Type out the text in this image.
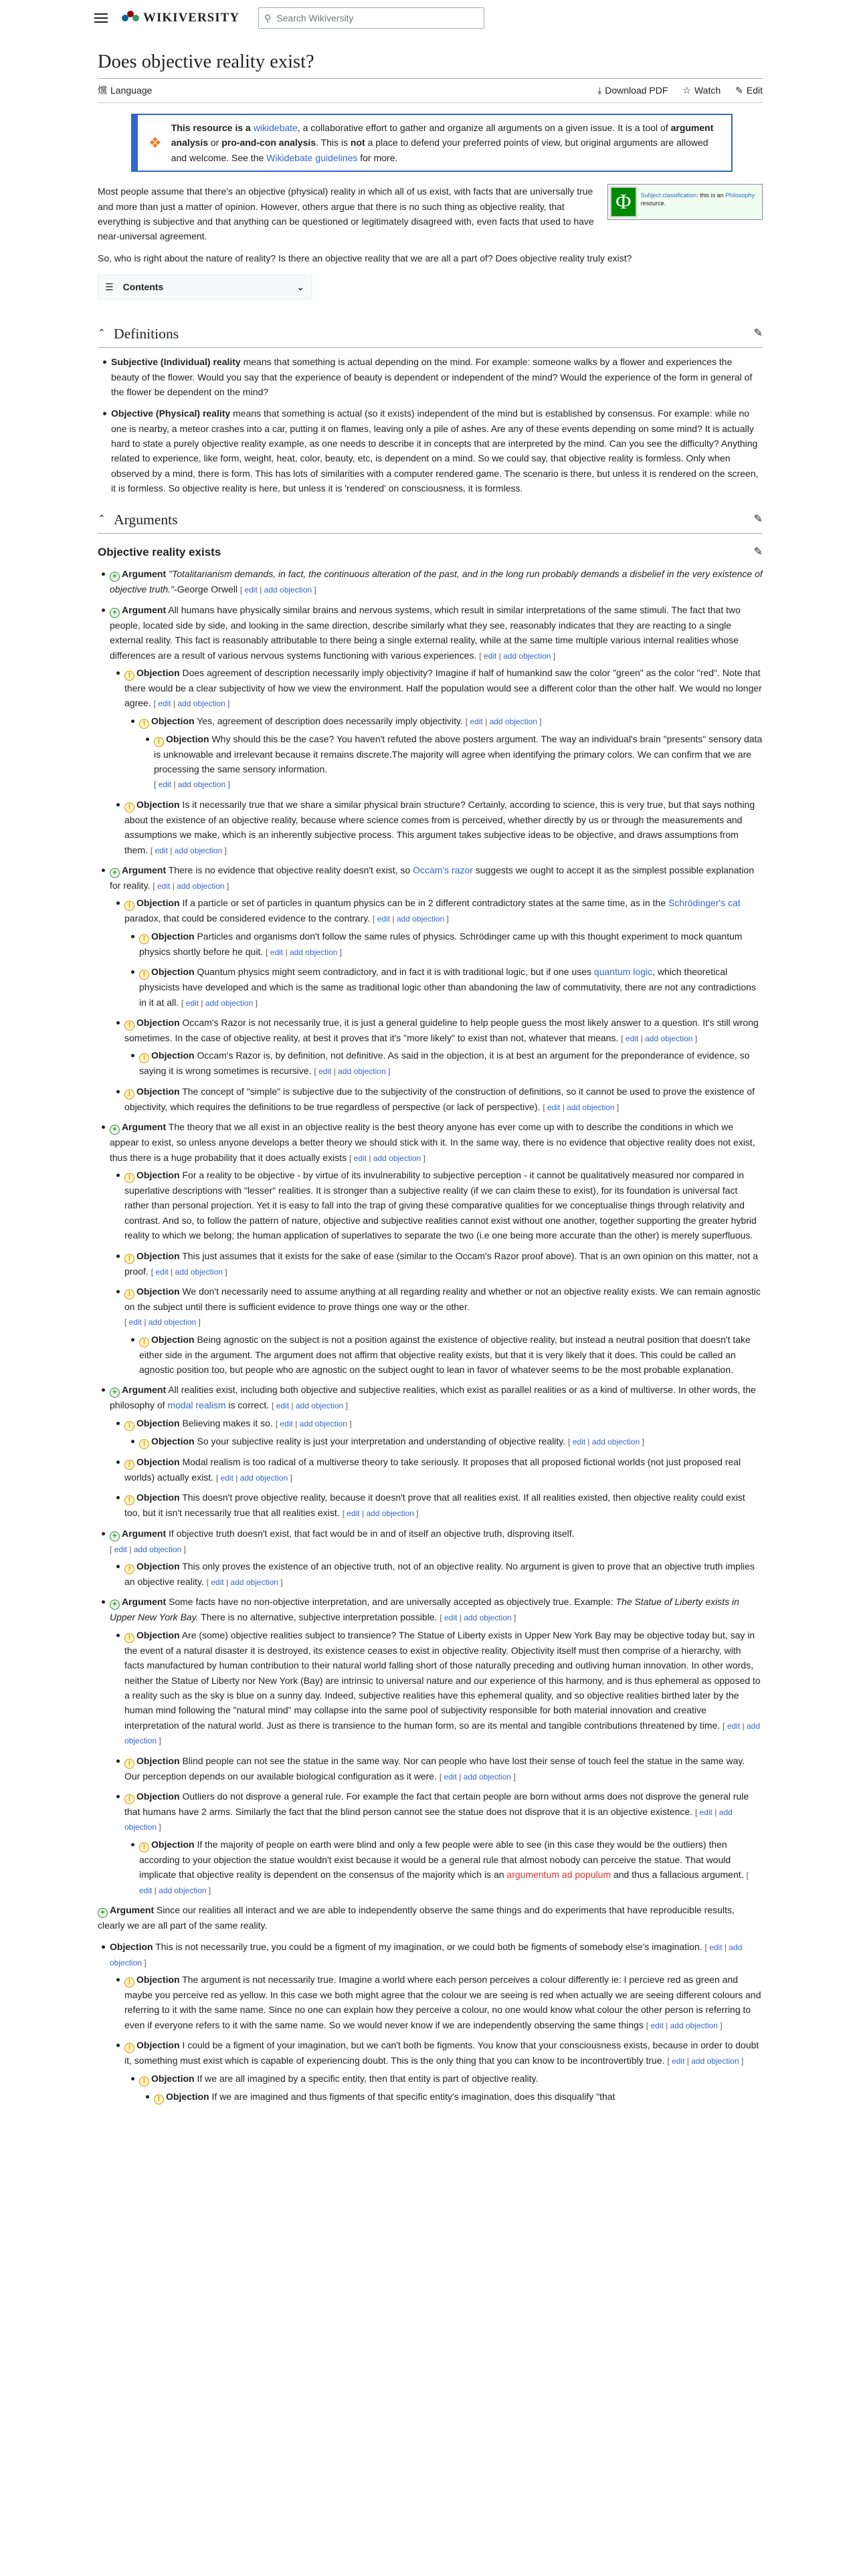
WIKIVERSITY	⚲ Search Wikiversity
Does objective reality exist?
爣 Language	⤓ Download PDF ☆ Watch ✎ Edit
❖
This resource is a wikidebate, a collaborative effort to gather and organize all arguments on a given issue. It is a tool of argument analysis or pro-and-con analysis. This is not a place to defend your preferred points of view, but original arguments are allowed and welcome. See the Wikidebate guidelines for more.
Φ	Subject classification: this is an Philosophy resource.

Most people assume that there's an objective (physical) reality in which all of us exist, with facts that are universally true and more than just a matter of opinion. However, others argue that there is no such thing as objective reality, that everything is subjective and that anything can be questioned or legitimately disagreed with, even facts that used to have near-universal agreement.

So, who is right about the nature of reality? Is there an objective reality that we are all a part of? Does objective reality truly exist?

☰ Contents	⌄
⌃ Definitions	✎
Subjective (Individual) reality means that something is actual depending on the mind. For example: someone walks by a flower and experiences the beauty of the flower. Would you say that the experience of beauty is dependent or independent of the mind? Would the experience of the form in general of the flower be dependent on the mind?
Objective (Physical) reality means that something is actual (so it exists) independent of the mind but is established by consensus. For example: while no one is nearby, a meteor crashes into a car, putting it on flames, leaving only a pile of ashes. Are any of these events depending on some mind? It is actually hard to state a purely objective reality example, as one needs to describe it in concepts that are interpreted by the mind. Can you see the difficulty? Anything related to experience, like form, weight, heat, color, beauty, etc, is dependent on a mind. So we could say, that objective reality is formless. Only when observed by a mind, there is form. This has lots of similarities with a computer rendered game. The scenario is there, but unless it is rendered on the screen, it is formless. So objective reality is here, but unless it is 'rendered' on consciousness, it is formless.
⌃ Arguments	✎
Objective reality exists	✎
+ Argument "Totalitarianism demands, in fact, the continuous alteration of the past, and in the long run probably demands a disbelief in the very existence of objective truth."-George Orwell [ edit | add objection ]
+ Argument All humans have physically similar brains and nervous systems, which result in similar interpretations of the same stimuli. The fact that two people, located side by side, and looking in the same direction, describe similarly what they see, reasonably indicates that they are reacting to a single external reality. This fact is reasonably attributable to there being a single external reality, while at the same time multiple various internal realities whose differences are a result of various nervous systems functioning with various experiences. [ edit | add objection ]
! Objection Does agreement of description necessarily imply objectivity? Imagine if half of humankind saw the color "green" as the color "red". Note that there would be a clear subjectivity of how we view the environment. Half the population would see a different color than the other half. We would no longer agree. [ edit | add objection ]
! Objection Yes, agreement of description does necessarily imply objectivity. [ edit | add objection ]
! Objection Why should this be the case? You haven't refuted the above posters argument. The way an individual's brain "presents" sensory data is unknowable and irrelevant because it remains discrete.The majority will agree when identifying the primary colors. We can confirm that we are processing the same sensory information.
[ edit | add objection ]
! Objection Is it necessarily true that we share a similar physical brain structure? Certainly, according to science, this is very true, but that says nothing about the existence of an objective reality, because where science comes from is perceived, whether directly by us or through the measurements and assumptions we make, which is an inherently subjective process. This argument takes subjective ideas to be objective, and draws assumptions from them. [ edit | add objection ]
+ Argument There is no evidence that objective reality doesn't exist, so Occam's razor suggests we ought to accept it as the simplest possible explanation for reality. [ edit | add objection ]
! Objection If a particle or set of particles in quantum physics can be in 2 different contradictory states at the same time, as in the Schrödinger's cat paradox, that could be considered evidence to the contrary. [ edit | add objection ]
! Objection Particles and organisms don't follow the same rules of physics. Schrödinger came up with this thought experiment to mock quantum physics shortly before he quit. [ edit | add objection ]
! Objection Quantum physics might seem contradictory, and in fact it is with traditional logic, but if one uses quantum logic, which theoretical physicists have developed and which is the same as traditional logic other than abandoning the law of commutativity, there are not any contradictions in it at all. [ edit | add objection ]
! Objection Occam's Razor is not necessarily true, it is just a general guideline to help people guess the most likely answer to a question. It's still wrong sometimes. In the case of objective reality, at best it proves that it's "more likely" to exist than not, whatever that means. [ edit | add objection ]
! Objection Occam's Razor is, by definition, not definitive. As said in the objection, it is at best an argument for the preponderance of evidence, so saying it is wrong sometimes is recursive. [ edit | add objection ]
! Objection The concept of "simple" is subjective due to the subjectivity of the construction of definitions, so it cannot be used to prove the existence of objectivity, which requires the definitions to be true regardless of perspective (or lack of perspective). [ edit | add objection ]
+ Argument The theory that we all exist in an objective reality is the best theory anyone has ever come up with to describe the conditions in which we appear to exist, so unless anyone develops a better theory we should stick with it. In the same way, there is no evidence that objective reality does not exist, thus there is a huge probability that it does actually exists [ edit | add objection ]
! Objection For a reality to be objective - by virtue of its invulnerability to subjective perception - it cannot be qualitatively measured nor compared in superlative descriptions with "lesser" realities. It is stronger than a subjective reality (if we can claim these to exist), for its foundation is universal fact rather than personal projection. Yet it is easy to fall into the trap of giving these comparative qualities for we conceptualise things through relativity and contrast. And so, to follow the pattern of nature, objective and subjective realities cannot exist without one another, together supporting the greater hybrid reality to which we belong; the human application of superlatives to separate the two (i.e one being more accurate than the other) is merely superfluous.
! Objection This just assumes that it exists for the sake of ease (similar to the Occam's Razor proof above). That is an own opinion on this matter, not a proof. [ edit | add objection ]
! Objection We don't necessarily need to assume anything at all regarding reality and whether or not an objective reality exists. We can remain agnostic on the subject until there is sufficient evidence to prove things one way or the other.
[ edit | add objection ]
! Objection Being agnostic on the subject is not a position against the existence of objective reality, but instead a neutral position that doesn't take either side in the argument. The argument does not affirm that objective reality exists, but that it is very likely that it does. This could be called an agnostic position too, but people who are agnostic on the subject ought to lean in favor of whatever seems to be the most probable explanation.
+ Argument All realities exist, including both objective and subjective realities, which exist as parallel realities or as a kind of multiverse. In other words, the philosophy of modal realism is correct. [ edit | add objection ]
! Objection Believing makes it so. [ edit | add objection ]
! Objection So your subjective reality is just your interpretation and understanding of objective reality. [ edit | add objection ]
! Objection Modal realism is too radical of a multiverse theory to take seriously. It proposes that all proposed fictional worlds (not just proposed real worlds) actually exist. [ edit | add objection ]
! Objection This doesn't prove objective reality, because it doesn't prove that all realities exist. If all realities existed, then objective reality could exist too, but it isn't necessarily true that all realities exist. [ edit | add objection ]
+ Argument If objective truth doesn't exist, that fact would be in and of itself an objective truth, disproving itself.
[ edit | add objection ]
! Objection This only proves the existence of an objective truth, not of an objective reality. No argument is given to prove that an objective truth implies an objective reality. [ edit | add objection ]
+ Argument Some facts have no non-objective interpretation, and are universally accepted as objectively true. Example: The Statue of Liberty exists in Upper New York Bay. There is no alternative, subjective interpretation possible. [ edit | add objection ]
! Objection Are (some) objective realities subject to transience? The Statue of Liberty exists in Upper New York Bay may be objective today but, say in the event of a natural disaster it is destroyed, its existence ceases to exist in objective reality. Objectivity itself must then comprise of a hierarchy, with facts manufactured by human contribution to their natural world falling short of those naturally preceding and outliving human innovation. In other words, neither the Statue of Liberty nor New York (Bay) are intrinsic to universal nature and our experience of this harmony, and is thus ephemeral as opposed to a reality such as the sky is blue on a sunny day. Indeed, subjective realities have this ephemeral quality, and so objective realities birthed later by the human mind following the "natural mind" may collapse into the same pool of subjectivity responsible for both material innovation and creative interpretation of the natural world. Just as there is transience to the human form, so are its mental and tangible contributions threatened by time. [ edit | add objection ]
! Objection Blind people can not see the statue in the same way. Nor can people who have lost their sense of touch feel the statue in the same way. Our perception depends on our available biological configuration as it were. [ edit | add objection ]
! Objection Outliers do not disprove a general rule. For example the fact that certain people are born without arms does not disprove the general rule that humans have 2 arms. Similarly the fact that the blind person cannot see the statue does not disprove that it is an objective existence. [ edit | add objection ]
! Objection If the majority of people on earth were blind and only a few people were able to see (in this case they would be the outliers) then according to your objection the statue wouldn't exist because it would be a general rule that almost nobody can perceive the statue. That would implicate that objective reality is dependent on the consensus of the majority which is an argumentum ad populum and thus a fallacious argument. [ edit | add objection ]
+ Argument Since our realities all interact and we are able to independently observe the same things and do experiments that have reproducible results, clearly we are all part of the same reality.
Objection This is not necessarily true, you could be a figment of my imagination, or we could both be figments of somebody else's imagination. [ edit | add objection ]
! Objection The argument is not necessarily true. Imagine a world where each person perceives a colour differently ie: I percieve red as green and maybe you perceive red as yellow. In this case we both might agree that the colour we are seeing is red when actually we are seeing different colours and referring to it with the same name. Since no one can explain how they perceive a colour, no one would know what colour the other person is referring to even if everyone refers to it with the same name. So we would never know if we are independently observing the same things [ edit | add objection ]
! Objection I could be a figment of your imagination, but we can't both be figments. You know that your consciousness exists, because in order to doubt it, something must exist which is capable of experiencing doubt. This is the only thing that you can know to be incontrovertibly true. [ edit | add objection ]
! Objection If we are all imagined by a specific entity, then that entity is part of objective reality.
! Objection If we are imagined and thus figments of that specific entity's imagination, does this disqualify "that
